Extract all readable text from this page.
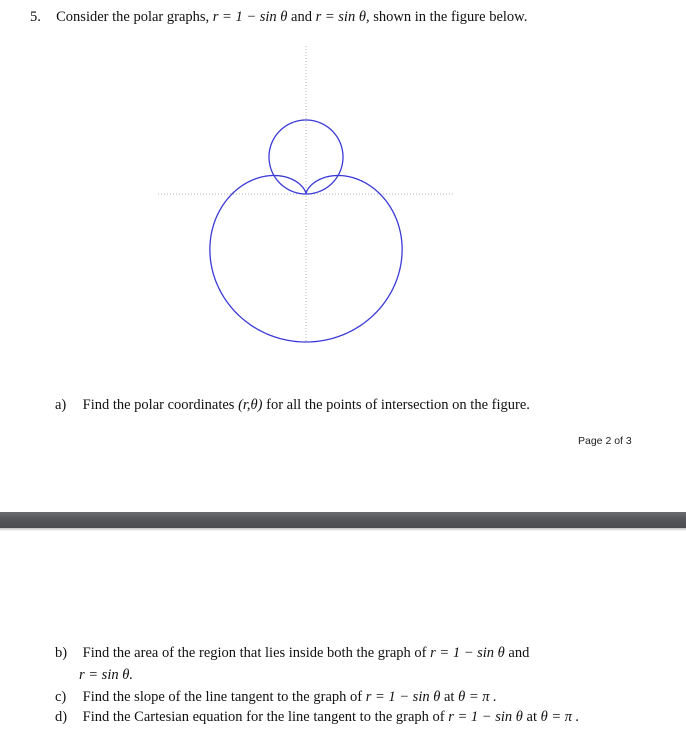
5. Consider the polar graphs, r = 1 − sin θ and r = sin θ, shown in the figure below.
a) Find the polar coordinates (r,θ) for all the points of intersection on the figure.
Page 2 of 3
b) Find the area of the region that lies inside both the graph of r = 1 − sin θ and
r = sin θ.
c) Find the slope of the line tangent to the graph of r = 1 − sin θ at θ = π .
d) Find the Cartesian equation for the line tangent to the graph of r = 1 − sin θ at θ = π .
